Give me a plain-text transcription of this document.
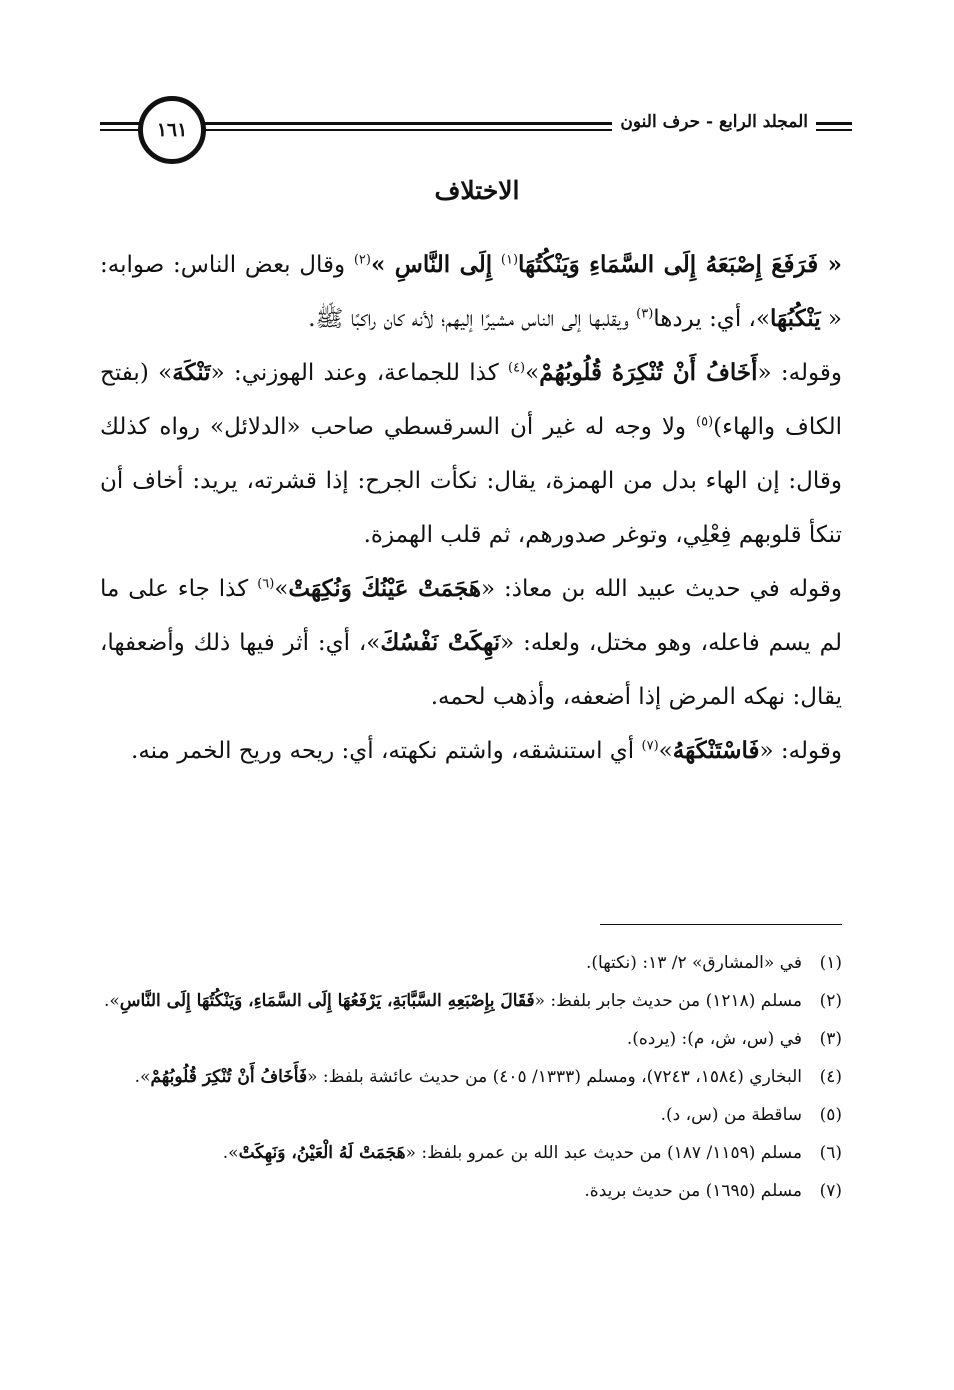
المجلد الرابع - حرف النون
١٦١
الاختلاف

« فَرَفَعَ إِصْبَعَهُ إِلَى السَّمَاءِ وَيَنْكُتُهَا$^{(١)}$ إِلَى النَّاسِ »$^{(٢)}$ وقال بعض الناس: صوابه: « يَنْكُبُهَا»، أي: يردها$^{(٣)}$ ويقلبها إلى الناس مشيرًا إليهم؛ لأنه كان راكبًا ﷺ.

وقوله: «أَخَافُ أَنْ تُنْكِرَهُ قُلُوبُهُمْ»$^{(٤)}$ كذا للجماعة، وعند الهوزني: «تَنْكَهَ» (بفتح الكاف والهاء)$^{(٥)}$ ولا وجه له غير أن السرقسطي صاحب «الدلائل» رواه كذلك وقال: إن الهاء بدل من الهمزة، يقال: نكأت الجرح: إذا قشرته، يريد: أخاف أن تنكأ قلوبهم فِعْلِي، وتوغر صدورهم، ثم قلب الهمزة.

وقوله في حديث عبيد الله بن معاذ: «هَجَمَتْ عَيْنُكَ وَنُكِهَتْ»$^{(٦)}$ كذا جاء على ما لم يسم فاعله، وهو مختل، ولعله: «نَهِكَتْ نَفْسُكَ»، أي: أثر فيها ذلك وأضعفها، يقال: نهكه المرض إذا أضعفه، وأذهب لحمه.

وقوله: «فَاسْتَنْكَهَهُ»$^{(٧)}$ أي استنشقه، واشتم نكهته، أي: ريحه وريح الخمر منه.

(١)
في «المشارق» ٢/ ١٣: (نكتها).
(٢)
مسلم (١٢١٨) من حديث جابر بلفظ: «فَقَالَ بِإِصْبَعِهِ السَّبَّابَةِ، يَرْفَعُهَا إِلَى السَّمَاءِ، وَيَنْكُتُهَا إِلَى النَّاسِ».
(٣)
في (س، ش، م): (يرده).
(٤)
البخاري (١٥٨٤، ٧٢٤٣)، ومسلم (١٣٣٣/ ٤٠٥) من حديث عائشة بلفظ: «فَأَخَافُ أَنْ تُنْكِرَ قُلُوبُهُمْ».
(٥)
ساقطة من (س، د).
(٦)
مسلم (١١٥٩/ ١٨٧) من حديث عبد الله بن عمرو بلفظ: «هَجَمَتْ لَهُ الْعَيْنُ، وَنَهِكَتْ».
(٧)
مسلم (١٦٩٥) من حديث بريدة.
